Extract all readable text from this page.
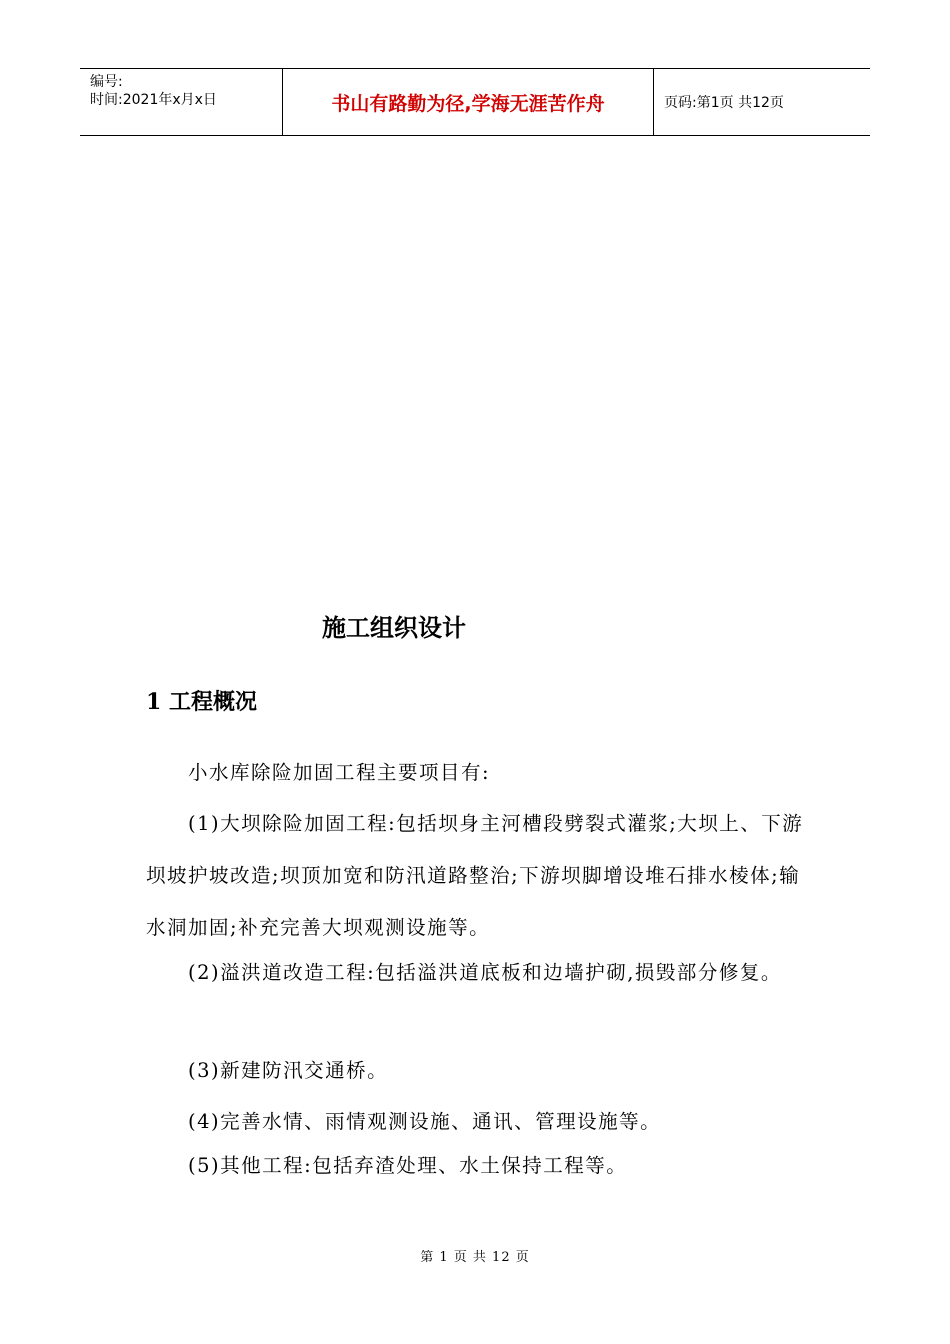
编号:
时间:2021年x月x日	书山有路勤为径,学海无涯苦作舟	页码:第1页 共12页
施工组织设计
1 工程概况

小水库除险加固工程主要项目有:

(1)大坝除险加固工程:包括坝身主河槽段劈裂式灌浆;大坝上、下游坝坡护坡改造;坝顶加宽和防汛道路整治;下游坝脚增设堆石排水棱体;输水洞加固;补充完善大坝观测设施等。

(2)溢洪道改造工程:包括溢洪道底板和边墙护砌,损毁部分修复。

(3)新建防汛交通桥。

(4)完善水情、雨情观测设施、通讯、管理设施等。

(5)其他工程:包括弃渣处理、水土保持工程等。

第 1 页 共 12 页
